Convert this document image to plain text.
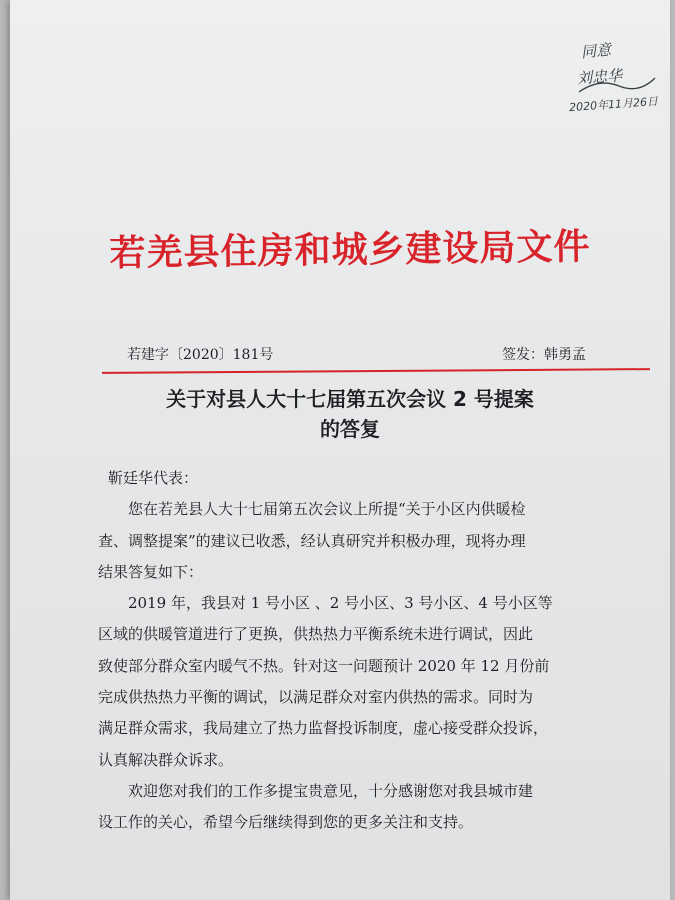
同意
刘忠华
2020年11月26日
若羌县住房和城乡建设局文件
若建字〔2020〕181号	签发：韩勇孟
关于对县人大十七届第五次会议 2 号提案
的答复

靳廷华代表：

您在若羌县人大十七届第五次会议上所提“关于小区内供暖检
查、调整提案”的建议已收悉，经认真研究并积极办理，现将办理
结果答复如下：

2019 年，我县对 1 号小区 、2 号小区、3 号小区、4 号小区等
区域的供暖管道进行了更换，供热热力平衡系统未进行调试，因此
致使部分群众室内暖气不热。针对这一问题预计 2020 年 12 月份前
完成供热热力平衡的调试，以满足群众对室内供热的需求。同时为
满足群众需求，我局建立了热力监督投诉制度，虚心接受群众投诉，
认真解决群众诉求。

欢迎您对我们的工作多提宝贵意见，十分感谢您对我县城市建
设工作的关心，希望今后继续得到您的更多关注和支持。
